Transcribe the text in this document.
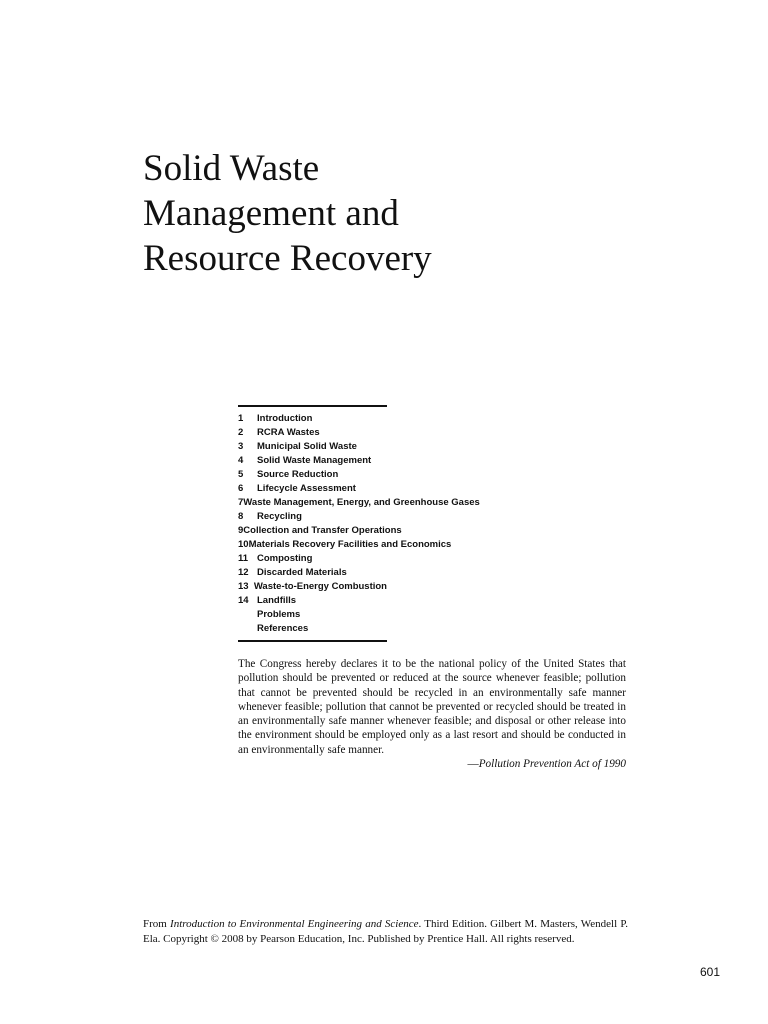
Solid Waste
Management and
Resource Recovery
1	Introduction
2	RCRA Wastes
3	Municipal Solid Waste
4	Solid Waste Management
5	Source Reduction
6	Lifecycle Assessment
7 Waste Management, Energy, and Greenhouse Gases
8	Recycling
9 Collection and Transfer Operations
10 Materials Recovery Facilities and Economics
11 Composting
12 Discarded Materials
13 Waste-to-Energy Combustion
14 Landfills
Problems
References

The Congress hereby declares it to be the national policy of the United States that pollution should be prevented or reduced at the source whenever feasible; pollution that cannot be prevented should be recycled in an environmentally safe manner whenever feasible; pollution that cannot be prevented or recycled should be treated in an environmentally safe manner whenever feasible; and disposal or other release into the environment should be employed only as a last resort and should be conducted in an environmentally safe manner.

—Pollution Prevention Act of 1990

From Introduction to Environmental Engineering and Science. Third Edition. Gilbert M. Masters, Wendell P. Ela. Copyright © 2008 by Pearson Education, Inc. Published by Prentice Hall. All rights reserved.

601
